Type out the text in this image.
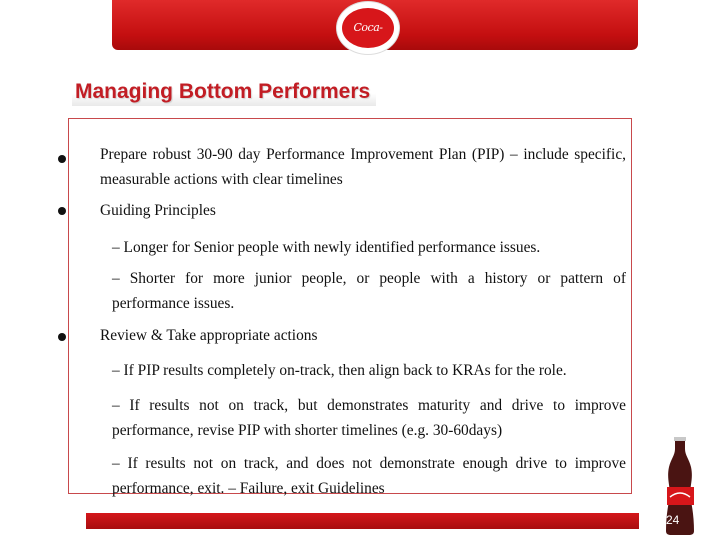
Coca-Cola
Managing Bottom Performers

Prepare robust 30-90 day Performance Improvement Plan (PIP) – include specific, measurable actions with clear timelines

Guiding Principles

– Longer for Senior people with newly identified performance issues.

– Shorter for more junior people, or people with a history or pattern of performance issues.

Review & Take appropriate actions

– If PIP results completely on-track, then align back to KRAs for the role.

– If results not on track, but demonstrates maturity and drive to improve performance, revise PIP with shorter timelines (e.g. 30-60days)

– If results not on track, and does not demonstrate enough drive to improve performance, exit. – Failure, exit Guidelines

24
